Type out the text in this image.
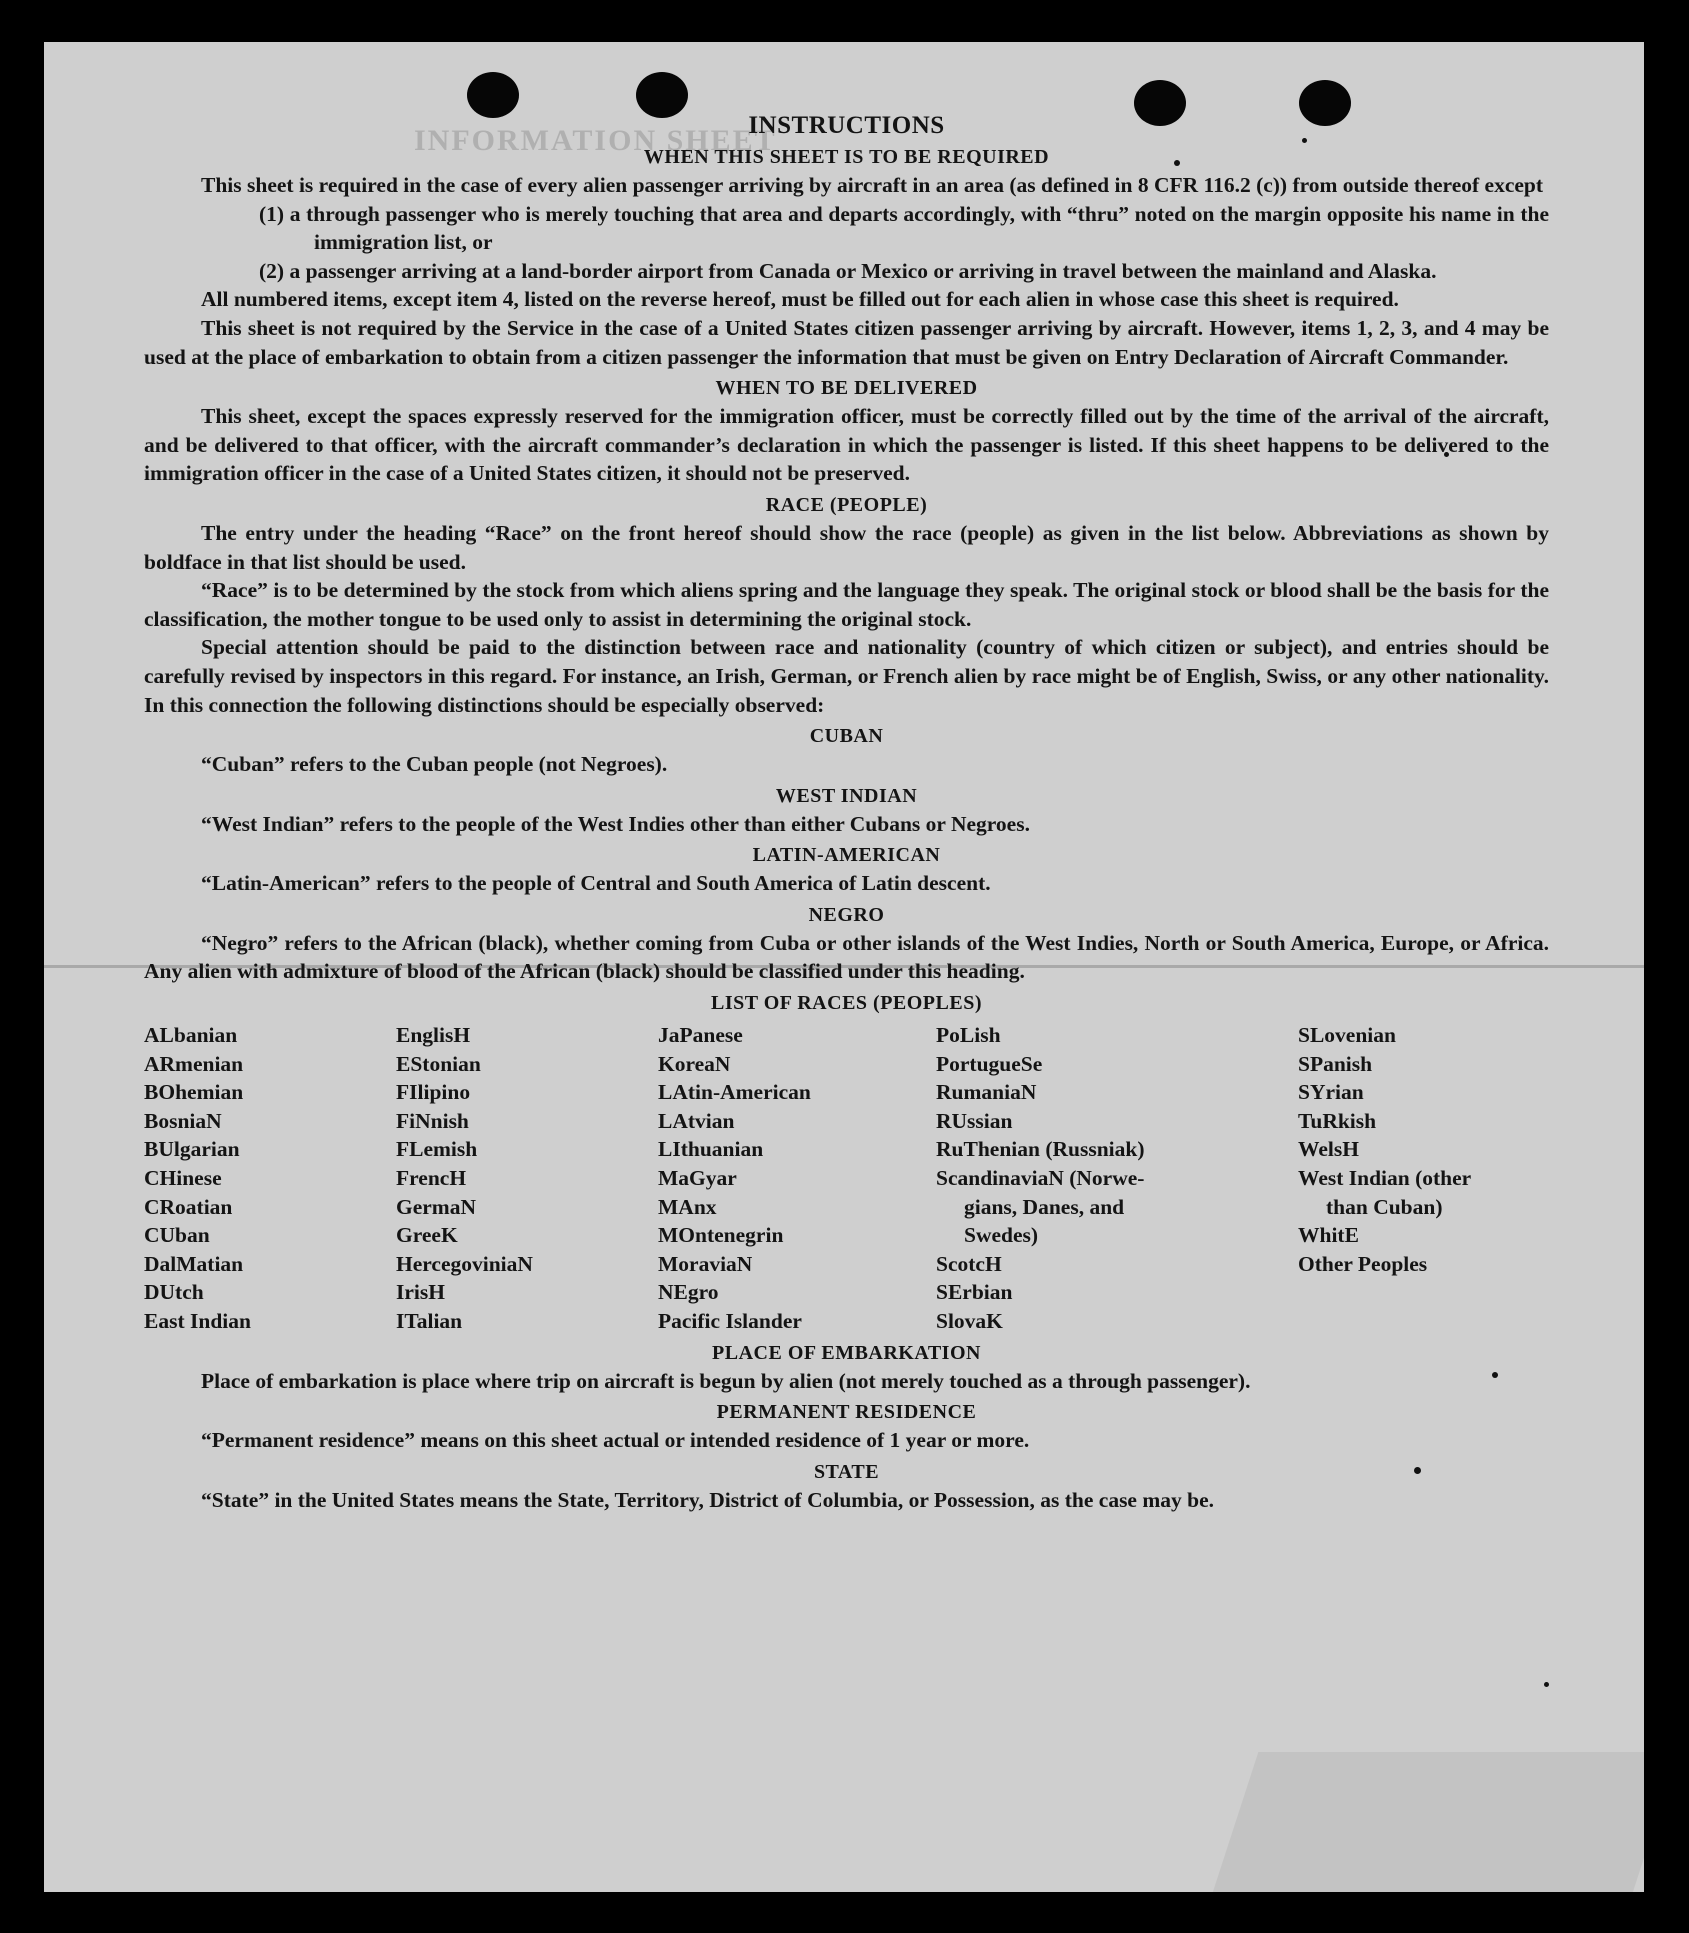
INFORMATION SHEET
INSTRUCTIONS
WHEN THIS SHEET IS TO BE REQUIRED

This sheet is required in the case of every alien passenger arriving by aircraft in an area (as defined in 8 CFR 116.2 (c)) from outside thereof except

(1) a through passenger who is merely touching that area and departs accordingly, with “thru” noted on the margin opposite his name in the immigration list, or

(2) a passenger arriving at a land-border airport from Canada or Mexico or arriving in travel between the mainland and Alaska.

All numbered items, except item 4, listed on the reverse hereof, must be filled out for each alien in whose case this sheet is required.

This sheet is not required by the Service in the case of a United States citizen passenger arriving by aircraft. However, items 1, 2, 3, and 4 may be used at the place of embarkation to obtain from a citizen passenger the information that must be given on Entry Declaration of Aircraft Commander.

WHEN TO BE DELIVERED

This sheet, except the spaces expressly reserved for the immigration officer, must be correctly filled out by the time of the arrival of the aircraft, and be delivered to that officer, with the aircraft commander’s declaration in which the passenger is listed. If this sheet happens to be delivered to the immigration officer in the case of a United States citizen, it should not be preserved.

RACE (PEOPLE)

The entry under the heading “Race” on the front hereof should show the race (people) as given in the list below. Abbreviations as shown by boldface in that list should be used.

“Race” is to be determined by the stock from which aliens spring and the language they speak. The original stock or blood shall be the basis for the classification, the mother tongue to be used only to assist in determining the original stock.

Special attention should be paid to the distinction between race and nationality (country of which citizen or subject), and entries should be carefully revised by inspectors in this regard. For instance, an Irish, German, or French alien by race might be of English, Swiss, or any other nationality. In this connection the following distinctions should be especially observed:

CUBAN

“Cuban” refers to the Cuban people (not Negroes).

WEST INDIAN

“West Indian” refers to the people of the West Indies other than either Cubans or Negroes.

LATIN-AMERICAN

“Latin-American” refers to the people of Central and South America of Latin descent.

NEGRO

“Negro” refers to the African (black), whether coming from Cuba or other islands of the West Indies, North or South America, Europe, or Africa. Any alien with admixture of blood of the African (black) should be classified under this heading.

LIST OF RACES (PEOPLES)
ALbanian
ARmenian
BOhemian
BosniaN
BUlgarian
CHinese
CRoatian
CUban
DalMatian
DUtch
East Indian
EnglisH
EStonian
FIlipino
FiNnish
FLemish
FrencH
GermaN
GreeK
HercegoviniaN
IrisH
ITalian
JaPanese
KoreaN
LAtin-American
LAtvian
LIthuanian
MaGyar
MAnx
MOntenegrin
MoraviaN
NEgro
Pacific Islander
PoLish
PortugueSe
RumaniaN
RUssian
RuThenian (Russniak)
ScandinaviaN (Norwe-
gians, Danes, and
Swedes)
ScotcH
SErbian
SlovaK
SLovenian
SPanish
SYrian
TuRkish
WelsH
West Indian (other
than Cuban)
WhitE
Other Peoples
PLACE OF EMBARKATION

Place of embarkation is place where trip on aircraft is begun by alien (not merely touched as a through passenger).

PERMANENT RESIDENCE

“Permanent residence” means on this sheet actual or intended residence of 1 year or more.

STATE

“State” in the United States means the State, Territory, District of Columbia, or Possession, as the case may be.
